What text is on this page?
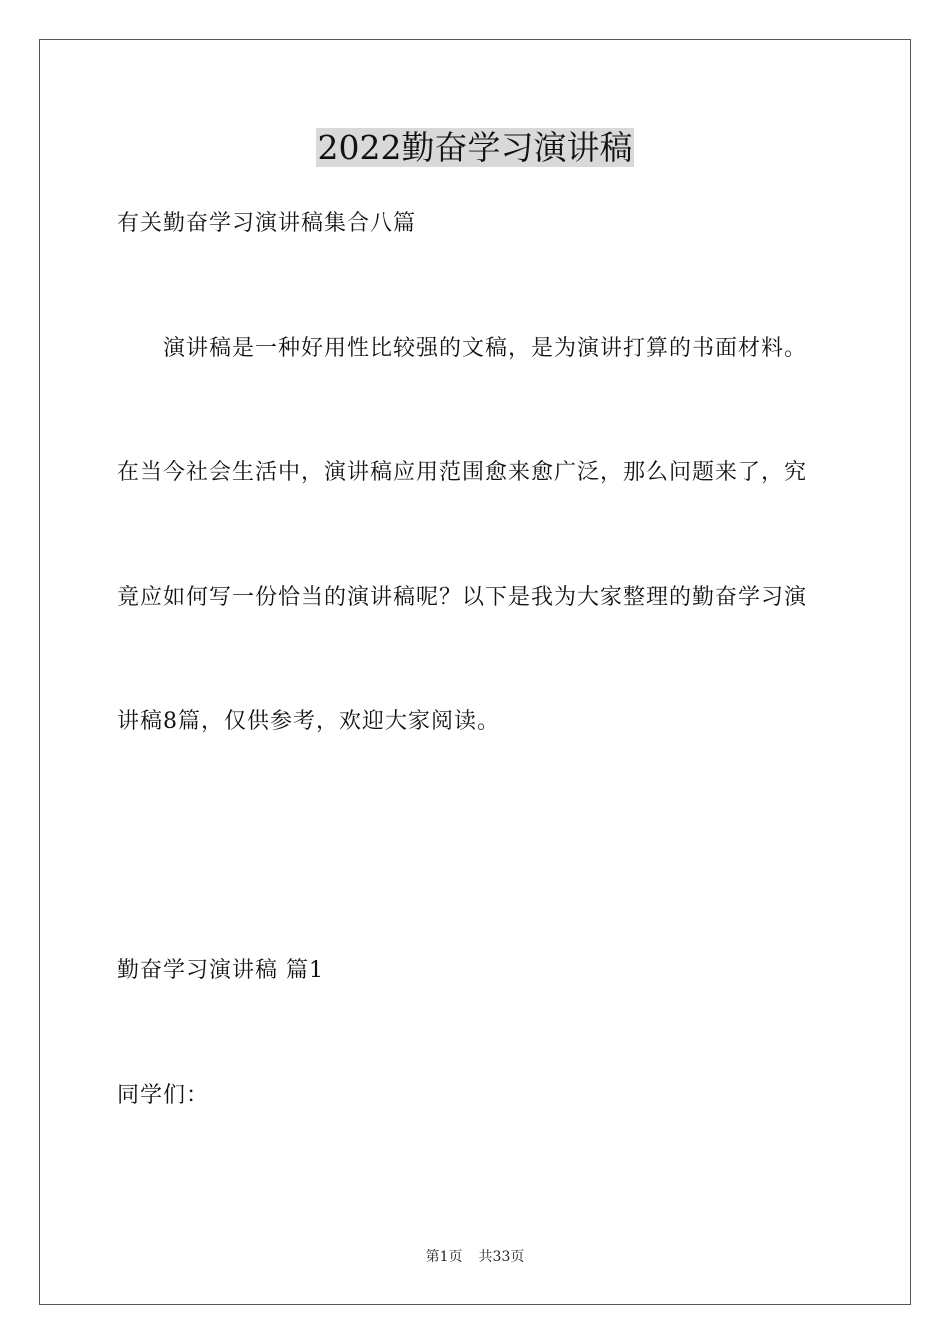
2022勤奋学习演讲稿

有关勤奋学习演讲稿集合八篇

演讲稿是一种好用性比较强的文稿，是为演讲打算的书面材料。

在当今社会生活中，演讲稿应用范围愈来愈广泛，那么问题来了，究

竟应如何写一份恰当的演讲稿呢？以下是我为大家整理的勤奋学习演

讲稿8篇，仅供参考，欢迎大家阅读。

勤奋学习演讲稿 篇1

同学们：

第1页 共33页
